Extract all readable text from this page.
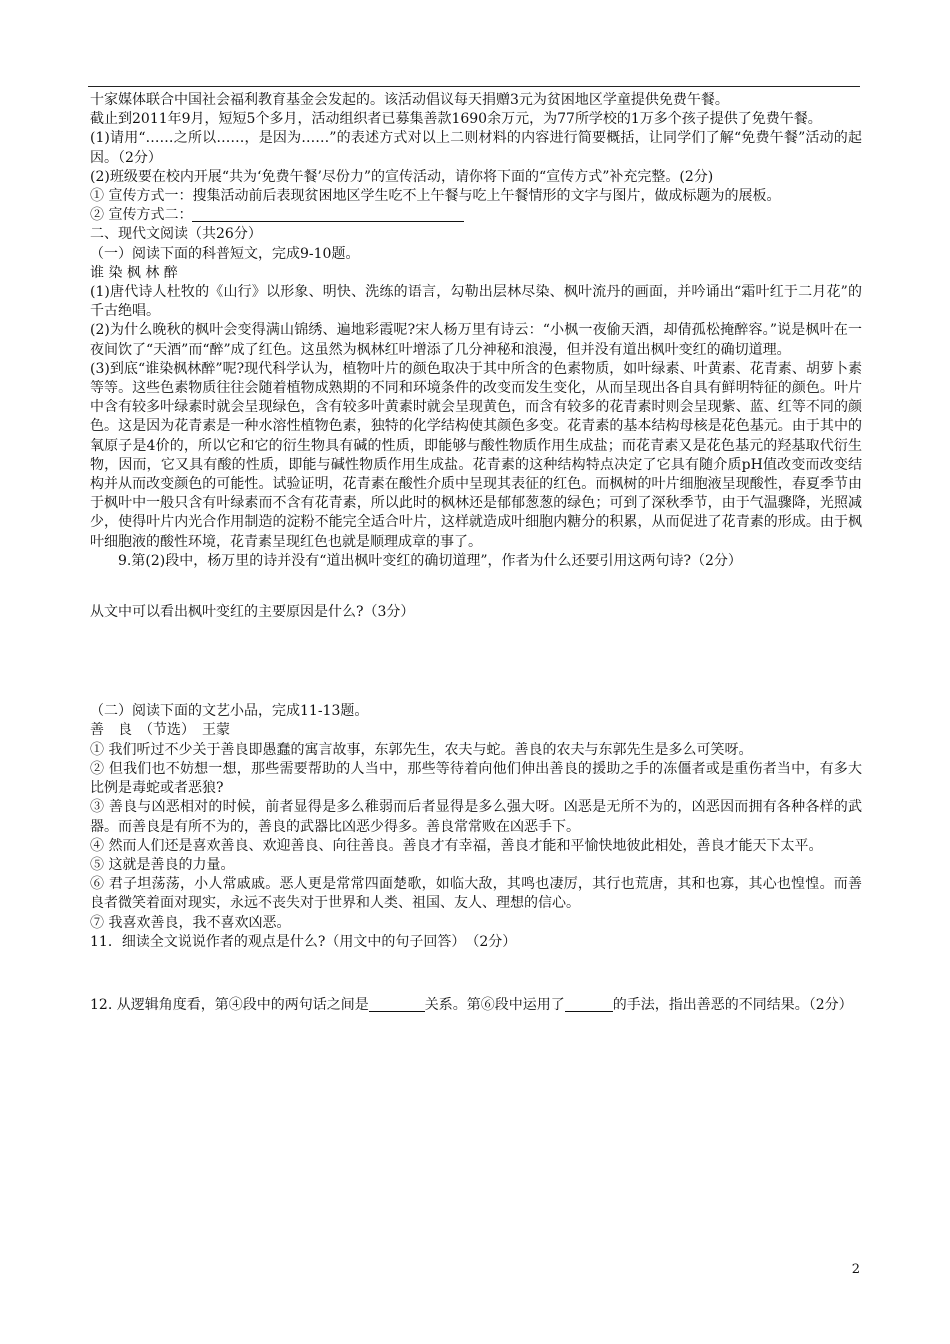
十家媒体联合中国社会福利教育基金会发起的。该活动倡议每天捐赠3元为贫困地区学童提供免费午餐。

截止到2011年9月，短短5个多月，活动组织者已募集善款1690余万元，为77所学校的1万多个孩子提供了免费午餐。

(1)请用“……之所以……，是因为……”的表述方式对以上二则材料的内容进行简要概括，让同学们了解“免费午餐”活动的起因。（2分）

(2)班级要在校内开展“共为‘免费午餐’尽份力”的宣传活动，请你将下面的“宣传方式”补充完整。(2分)

① 宣传方式一：搜集活动前后表现贫困地区学生吃不上午餐与吃上午餐情形的文字与图片，做成标题为的展板。

② 宣传方式二：

二、现代文阅读（共26分）

（一）阅读下面的科普短文，完成9-10题。

谁 染 枫 林 醉

(1)唐代诗人杜牧的《山行》以形象、明快、洗练的语言，勾勒出层林尽染、枫叶流丹的画面，并吟诵出“霜叶红于二月花”的千古绝唱。

(2)为什么晚秋的枫叶会变得满山锦绣、遍地彩霞呢?宋人杨万里有诗云：“小枫一夜偷天酒，却倩孤松掩醉容。”说是枫叶在一夜间饮了“天酒”而“醉”成了红色。这虽然为枫林红叶增添了几分神秘和浪漫，但并没有道出枫叶变红的确切道理。

(3)到底“谁染枫林醉”呢?现代科学认为，植物叶片的颜色取决于其中所含的色素物质，如叶绿素、叶黄素、花青素、胡萝卜素等等。这些色素物质往往会随着植物成熟期的不同和环境条件的改变而发生变化，从而呈现出各自具有鲜明特征的颜色。叶片中含有较多叶绿素时就会呈现绿色，含有较多叶黄素时就会呈现黄色，而含有较多的花青素时则会呈现紫、蓝、红等不同的颜色。这是因为花青素是一种水溶性植物色素，独特的化学结构使其颜色多变。花青素的基本结构母核是花色基元。由于其中的氧原子是4价的，所以它和它的衍生物具有碱的性质，即能够与酸性物质作用生成盐；而花青素又是花色基元的羟基取代衍生物，因而，它又具有酸的性质，即能与碱性物质作用生成盐。花青素的这种结构特点决定了它具有随介质pH值改变而改变结构并从而改变颜色的可能性。试验证明，花青素在酸性介质中呈现其表征的红色。而枫树的叶片细胞液呈现酸性，春夏季节由于枫叶中一般只含有叶绿素而不含有花青素，所以此时的枫林还是郁郁葱葱的绿色；可到了深秋季节，由于气温骤降，光照减少，使得叶片内光合作用制造的淀粉不能完全适合叶片，这样就造成叶细胞内糖分的积累，从而促进了花青素的形成。由于枫叶细胞液的酸性环境，花青素呈现红色也就是顺理成章的事了。

9.第(2)段中，杨万里的诗并没有“道出枫叶变红的确切道理”，作者为什么还要引用这两句诗?（2分）

从文中可以看出枫叶变红的主要原因是什么?（3分）

（二）阅读下面的文艺小品，完成11-13题。

善　良　（节选）　王蒙

① 我们听过不少关于善良即愚蠢的寓言故事，东郭先生，农夫与蛇。善良的农夫与东郭先生是多么可笑呀。

② 但我们也不妨想一想，那些需要帮助的人当中，那些等待着向他们伸出善良的援助之手的冻僵者或是重伤者当中，有多大比例是毒蛇或者恶狼?

③ 善良与凶恶相对的时候，前者显得是多么稚弱而后者显得是多么强大呀。凶恶是无所不为的，凶恶因而拥有各种各样的武器。而善良是有所不为的，善良的武器比凶恶少得多。善良常常败在凶恶手下。

④ 然而人们还是喜欢善良、欢迎善良、向往善良。善良才有幸福，善良才能和平愉快地彼此相处，善良才能天下太平。

⑤ 这就是善良的力量。

⑥ 君子坦荡荡，小人常戚戚。恶人更是常常四面楚歌，如临大敌，其鸣也凄厉，其行也荒唐，其和也寡，其心也惶惶。而善良者微笑着面对现实，永远不丧失对于世界和人类、祖国、友人、理想的信心。

⑦ 我喜欢善良，我不喜欢凶恶。

11．细读全文说说作者的观点是什么?（用文中的句子回答）　（2分）

12. 从逻辑角度看，第④段中的两句话之间是	关系。第⑥段中运用了	的手法，指出善恶的不同结果。（2分）

2
